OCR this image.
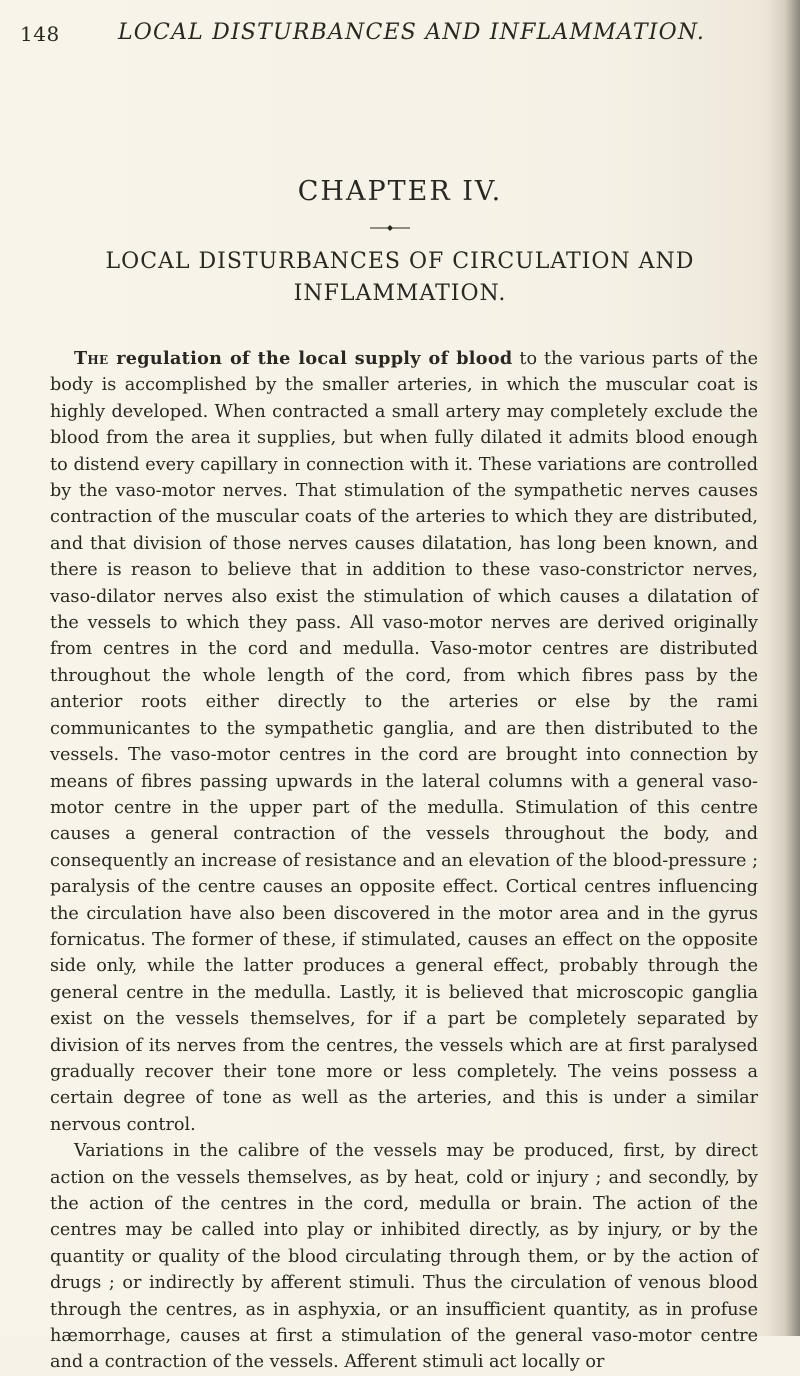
148	LOCAL DISTURBANCES AND INFLAMMATION.
CHAPTER IV.
LOCAL DISTURBANCES OF CIRCULATION AND INFLAMMATION.

The regulation of the local supply of blood to the various parts of the body is accomplished by the smaller arteries, in which the muscular coat is highly developed. When contracted a small artery may completely exclude the blood from the area it supplies, but when fully dilated it admits blood enough to distend every capillary in connection with it. These variations are controlled by the vaso-motor nerves. That stimulation of the sympathetic nerves causes contraction of the muscular coats of the arteries to which they are distributed, and that division of those nerves causes dilatation, has long been known, and there is reason to believe that in addition to these vaso-constrictor nerves, vaso-dilator nerves also exist the stimulation of which causes a dilatation of the vessels to which they pass. All vaso-motor nerves are derived originally from centres in the cord and medulla. Vaso-motor centres are distributed throughout the whole length of the cord, from which fibres pass by the anterior roots either directly to the arteries or else by the rami communicantes to the sympathetic ganglia, and are then distributed to the vessels. The vaso-motor centres in the cord are brought into connection by means of fibres passing upwards in the lateral columns with a general vaso-motor centre in the upper part of the medulla. Stimulation of this centre causes a general contraction of the vessels throughout the body, and consequently an increase of resistance and an elevation of the blood-pressure ; paralysis of the centre causes an opposite effect. Cortical centres influencing the circulation have also been discovered in the motor area and in the gyrus fornicatus. The former of these, if stimulated, causes an effect on the opposite side only, while the latter produces a general effect, probably through the general centre in the medulla. Lastly, it is believed that microscopic ganglia exist on the vessels themselves, for if a part be completely separated by division of its nerves from the centres, the vessels which are at first paralysed gradually recover their tone more or less completely. The veins possess a certain degree of tone as well as the arteries, and this is under a similar nervous control.

Variations in the calibre of the vessels may be produced, first, by direct action on the vessels themselves, as by heat, cold or injury ; and secondly, by the action of the centres in the cord, medulla or brain. The action of the centres may be called into play or inhibited directly, as by injury, or by the quantity or quality of the blood circulating through them, or by the action of drugs ; or indirectly by afferent stimuli. Thus the circulation of venous blood through the centres, as in asphyxia, or an insufficient quantity, as in profuse hæmorrhage, causes at first a stimulation of the general vaso-motor centre and a contraction of the vessels. Afferent stimuli act locally or
